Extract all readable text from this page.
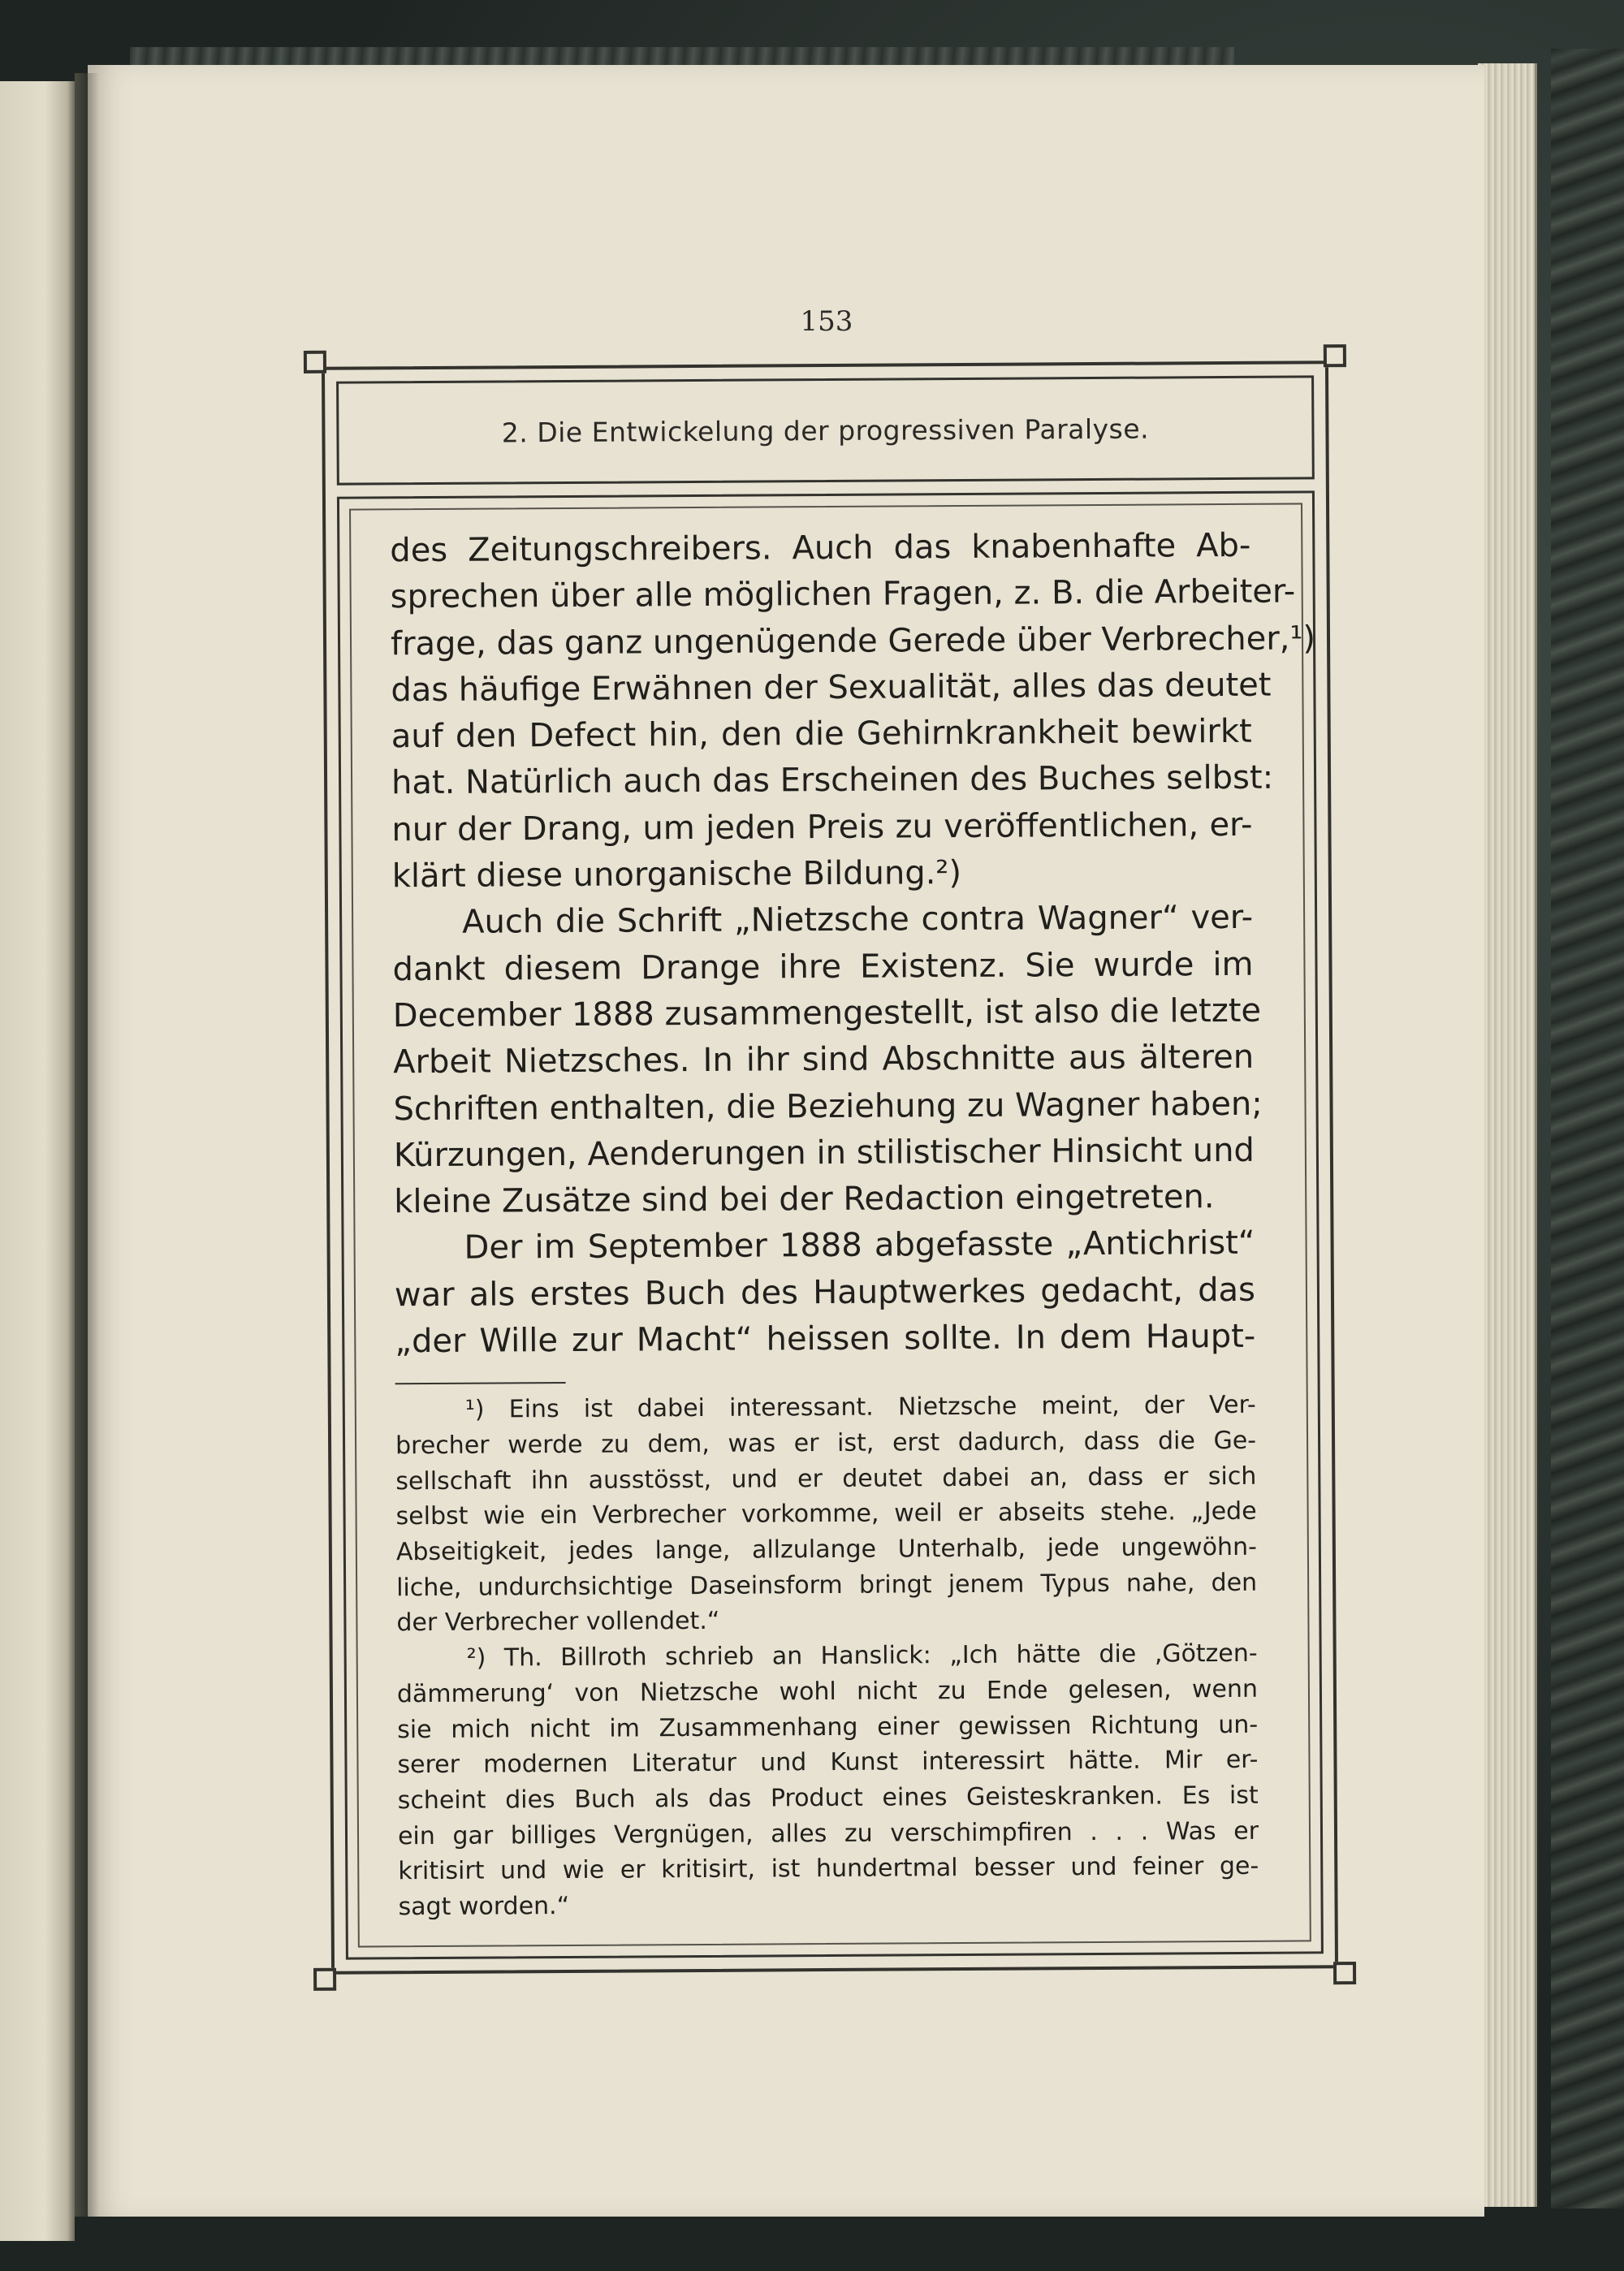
153
2. Die Entwickelung der progressiven Paralyse.
des Zeitungschreibers. Auch das knabenhafte Ab-
sprechen über alle möglichen Fragen, z. B. die Arbeiter-
frage, das ganz ungenügende Gerede über Verbrecher,¹)
das häufige Erwähnen der Sexualität, alles das deutet
auf den Defect hin, den die Gehirnkrankheit bewirkt
hat. Natürlich auch das Erscheinen des Buches selbst:
nur der Drang, um jeden Preis zu veröffentlichen, er-
klärt diese unorganische Bildung.²)
Auch die Schrift „Nietzsche contra Wagner“ ver-
dankt diesem Drange ihre Existenz. Sie wurde im
December 1888 zusammengestellt, ist also die letzte
Arbeit Nietzsches. In ihr sind Abschnitte aus älteren
Schriften enthalten, die Beziehung zu Wagner haben;
Kürzungen, Aenderungen in stilistischer Hinsicht und
kleine Zusätze sind bei der Redaction eingetreten.
Der im September 1888 abgefasste „Antichrist“
war als erstes Buch des Hauptwerkes gedacht, das
„der Wille zur Macht“ heissen sollte. In dem Haupt-
¹) Eins ist dabei interessant. Nietzsche meint, der Ver-
brecher werde zu dem, was er ist, erst dadurch, dass die Ge-
sellschaft ihn ausstösst, und er deutet dabei an, dass er sich
selbst wie ein Verbrecher vorkomme, weil er abseits stehe. „Jede
Abseitigkeit, jedes lange, allzulange Unterhalb, jede ungewöhn-
liche, undurchsichtige Daseinsform bringt jenem Typus nahe, den
der Verbrecher vollendet.“
²) Th. Billroth schrieb an Hanslick: „Ich hätte die ‚Götzen-
dämmerung‘ von Nietzsche wohl nicht zu Ende gelesen, wenn
sie mich nicht im Zusammenhang einer gewissen Richtung un-
serer modernen Literatur und Kunst interessirt hätte. Mir er-
scheint dies Buch als das Product eines Geisteskranken. Es ist
ein gar billiges Vergnügen, alles zu verschimpfiren . . . Was er
kritisirt und wie er kritisirt, ist hundertmal besser und feiner ge-
sagt worden.“
